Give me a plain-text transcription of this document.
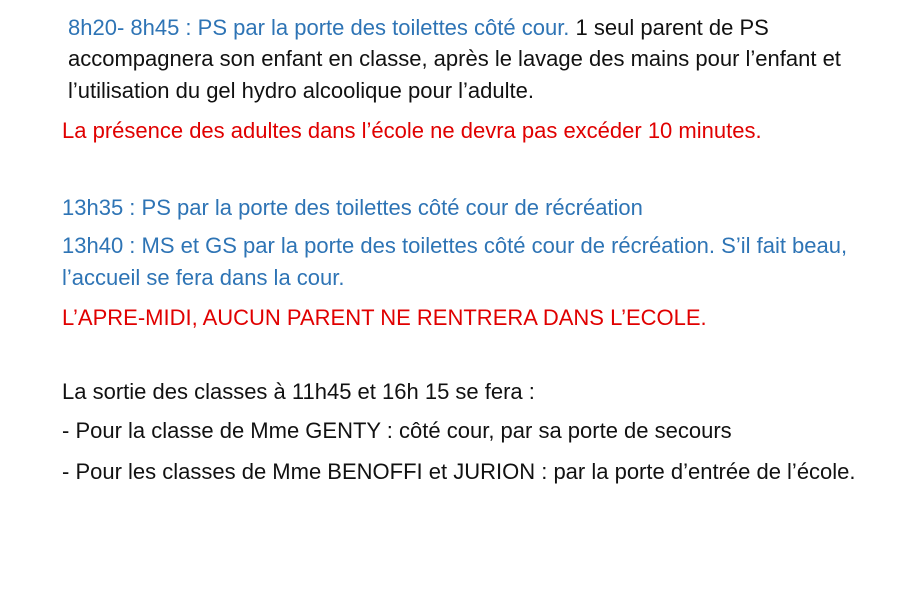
8h20- 8h45 : PS par la porte des toilettes côté cour. 1 seul parent de PS accompagnera son enfant en classe, après le lavage des mains pour l’enfant et l’utilisation du gel hydro alcoolique pour l’adulte.

La présence des adultes dans l’école ne devra pas excéder 10 minutes.

13h35 : PS par la porte des toilettes côté cour de récréation

13h40 : MS et GS par la porte des toilettes côté cour de récréation. S’il fait beau, l’accueil se fera dans la cour.

L’APRE-MIDI, AUCUN PARENT NE RENTRERA DANS L’ECOLE.

La sortie des classes à 11h45 et 16h 15 se fera :

- Pour la classe de Mme GENTY : côté cour, par sa porte de secours

- Pour les classes de Mme BENOFFI et JURION : par la porte d’entrée de l’école.
